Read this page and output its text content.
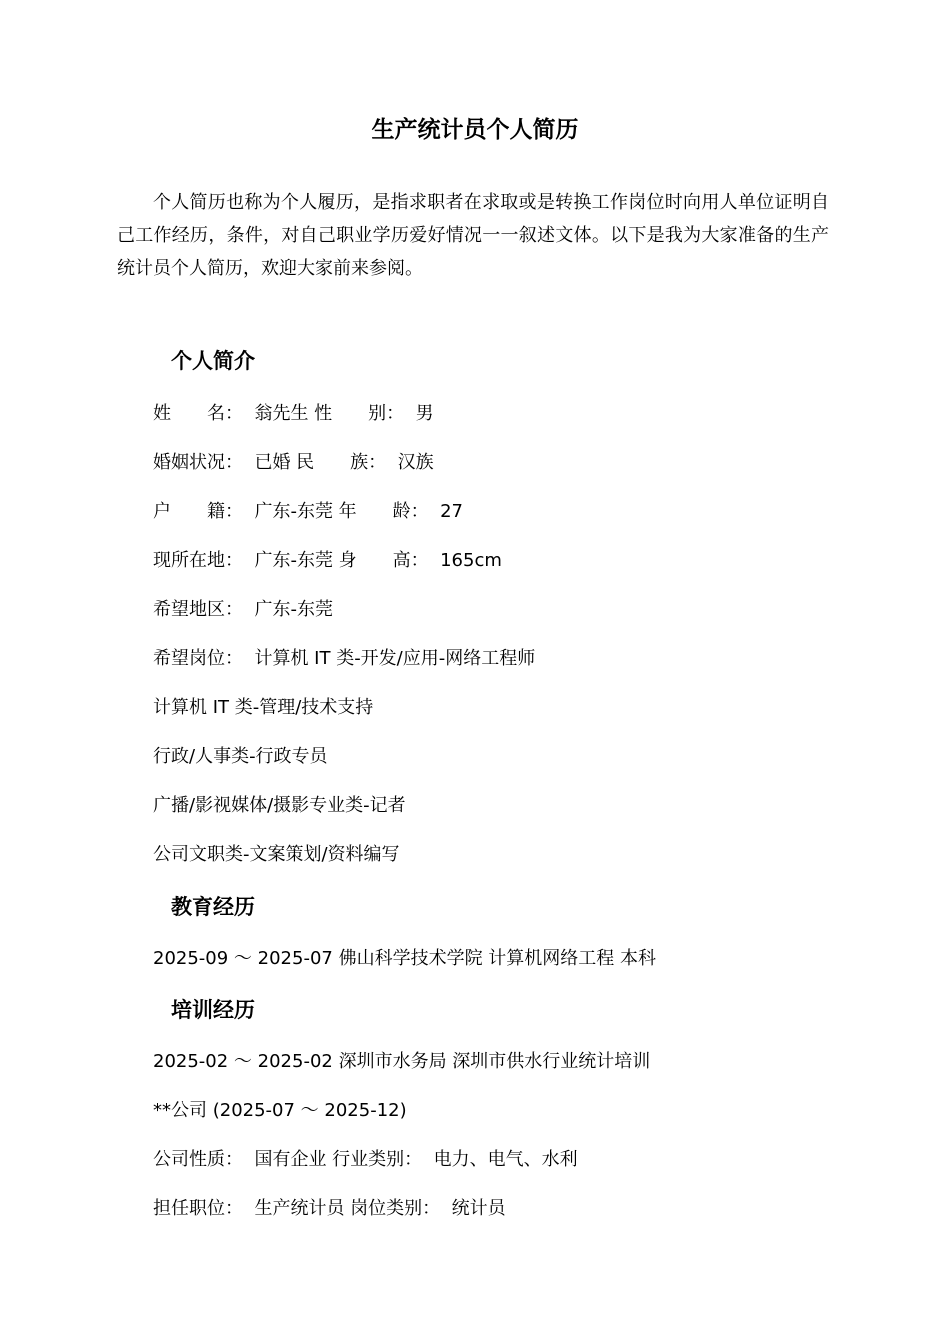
生产统计员个人简历
个人简历也称为个人履历，是指求职者在求取或是转换工作岗位时向用人单位证明自己工作经历，条件，对自己职业学历爱好情况一一叙述文体。以下是我为大家准备的生产统计员个人简历，欢迎大家前来参阅。
个人简介
姓　　名：  翁先生 性　　别：  男
婚姻状况：  已婚 民　　族：  汉族
户　　籍：  广东-东莞 年　　龄：  27
现所在地：  广东-东莞 身　　高：  165cm
希望地区：  广东-东莞
希望岗位：  计算机 IT 类-开发/应用-网络工程师
计算机 IT 类-管理/技术支持
行政/人事类-行政专员
广播/影视媒体/摄影专业类-记者
公司文职类-文案策划/资料编写
教育经历
2025-09 ～ 2025-07 佛山科学技术学院 计算机网络工程 本科
培训经历
2025-02 ～ 2025-02 深圳市水务局 深圳市供水行业统计培训
**公司 (2025-07 ～ 2025-12)
公司性质：  国有企业 行业类别：  电力、电气、水利
担任职位：  生产统计员 岗位类别：  统计员
